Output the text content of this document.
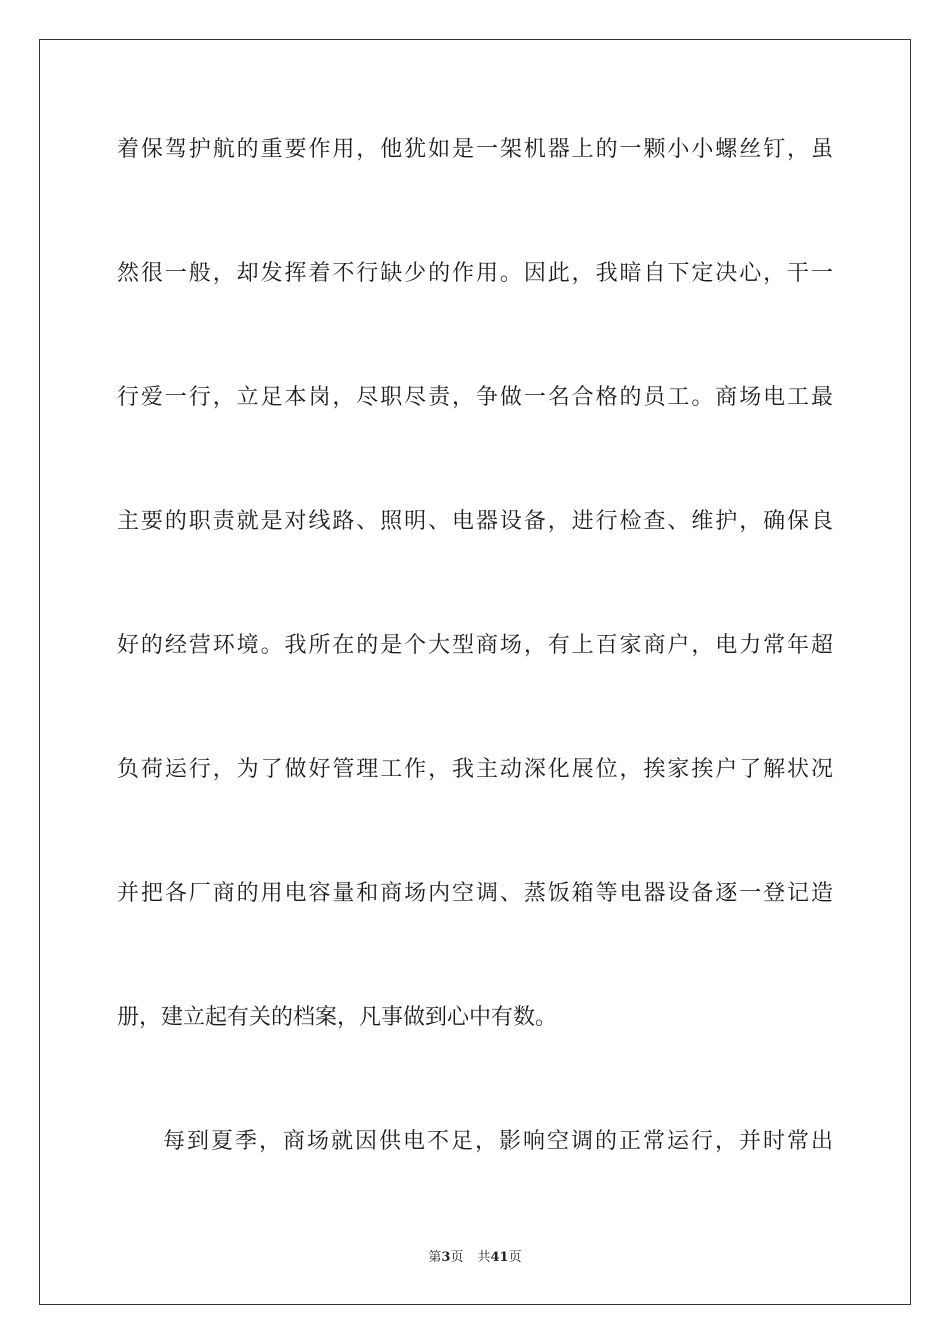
着保驾护航的重要作用，他犹如是一架机器上的一颗小小螺丝钉，虽
然很一般，却发挥着不行缺少的作用。因此，我暗自下定决心，干一
行爱一行，立足本岗，尽职尽责，争做一名合格的员工。商场电工最
主要的职责就是对线路、照明、电器设备，进行检查、维护，确保良
好的经营环境。我所在的是个大型商场，有上百家商户，电力常年超
负荷运行，为了做好管理工作，我主动深化展位，挨家挨户了解状况
并把各厂商的用电容量和商场内空调、蒸饭箱等电器设备逐一登记造
册，建立起有关的档案，凡事做到心中有数。
每到夏季，商场就因供电不足，影响空调的正常运行，并时常出
第3页 共41页
